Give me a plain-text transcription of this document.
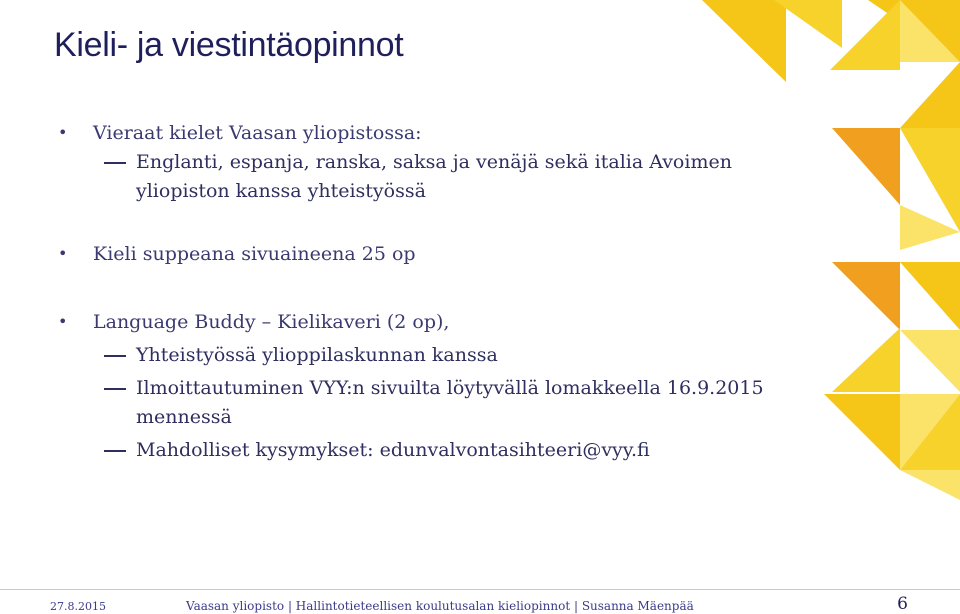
Kieli- ja viestintäopinnot
• Vieraat kielet Vaasan yliopistossa:
Englanti, espanja, ranska, saksa ja venäjä sekä italia Avoimen yliopiston kanssa yhteistyössä
• Kieli suppeana sivuaineena 25 op
• Language Buddy – Kielikaveri (2 op),
Yhteistyössä ylioppilaskunnan kanssa
Ilmoittautuminen VYY:n sivuilta löytyvällä lomakkeella 16.9.2015 mennessä
Mahdolliset kysymykset: edunvalvontasihteeri@vyy.fi
27.8.2015	Vaasan yliopisto | Hallintotieteellisen koulutusalan kieliopinnot | Susanna Mäenpää	6
